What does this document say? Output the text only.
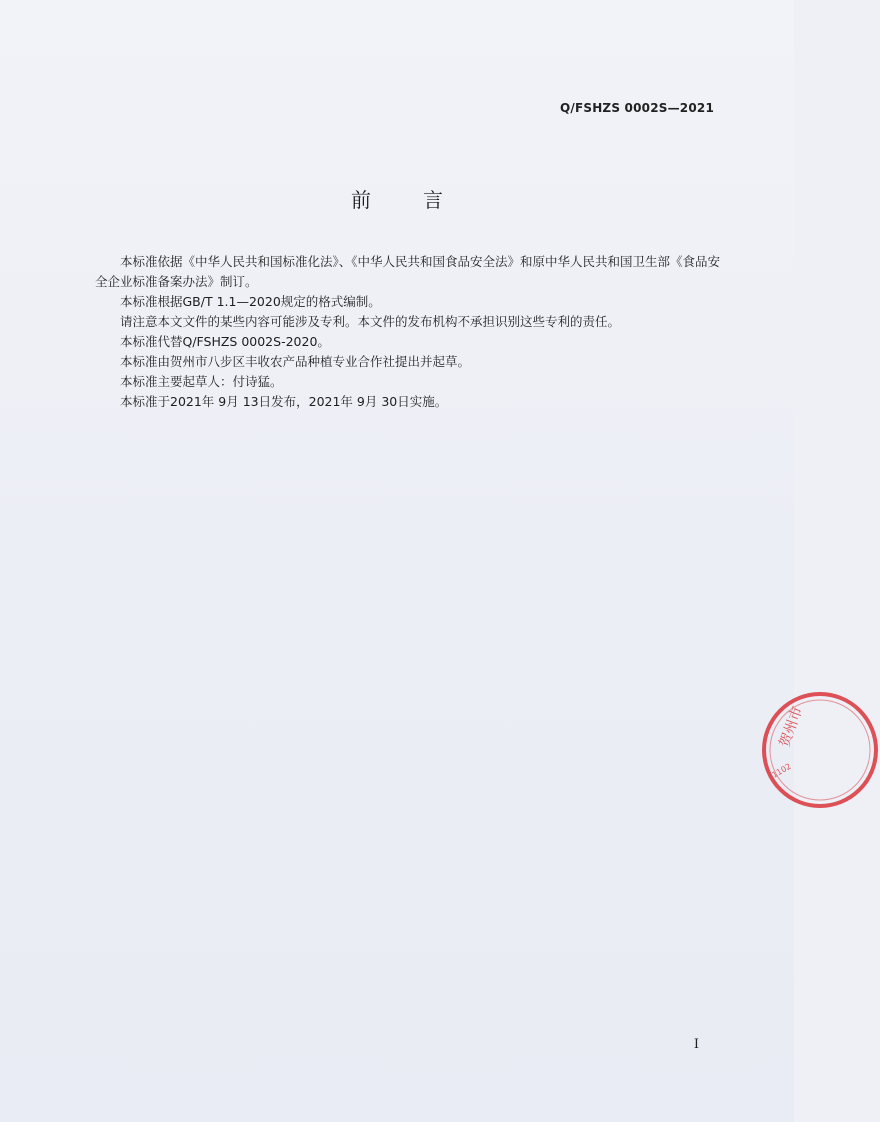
Q/FSHZS 0002S—2021
前	言

本标准依据《中华人民共和国标准化法》、《中华人民共和国食品安全法》和原中华人民共和国卫生部《食品安全企业标准备案办法》制订。

本标准根据GB/T 1.1—2020规定的格式编制。

请注意本文文件的某些内容可能涉及专利。本文件的发布机构不承担识别这些专利的责任。

本标准代替Q/FSHZS 0002S-2020。

本标准由贺州市八步区丰收农产品种植专业合作社提出并起草。

本标准主要起草人：付诗猛。

本标准于2021年 9月 13日发布，2021年 9月 30日实施。

I
贺州市
1102
